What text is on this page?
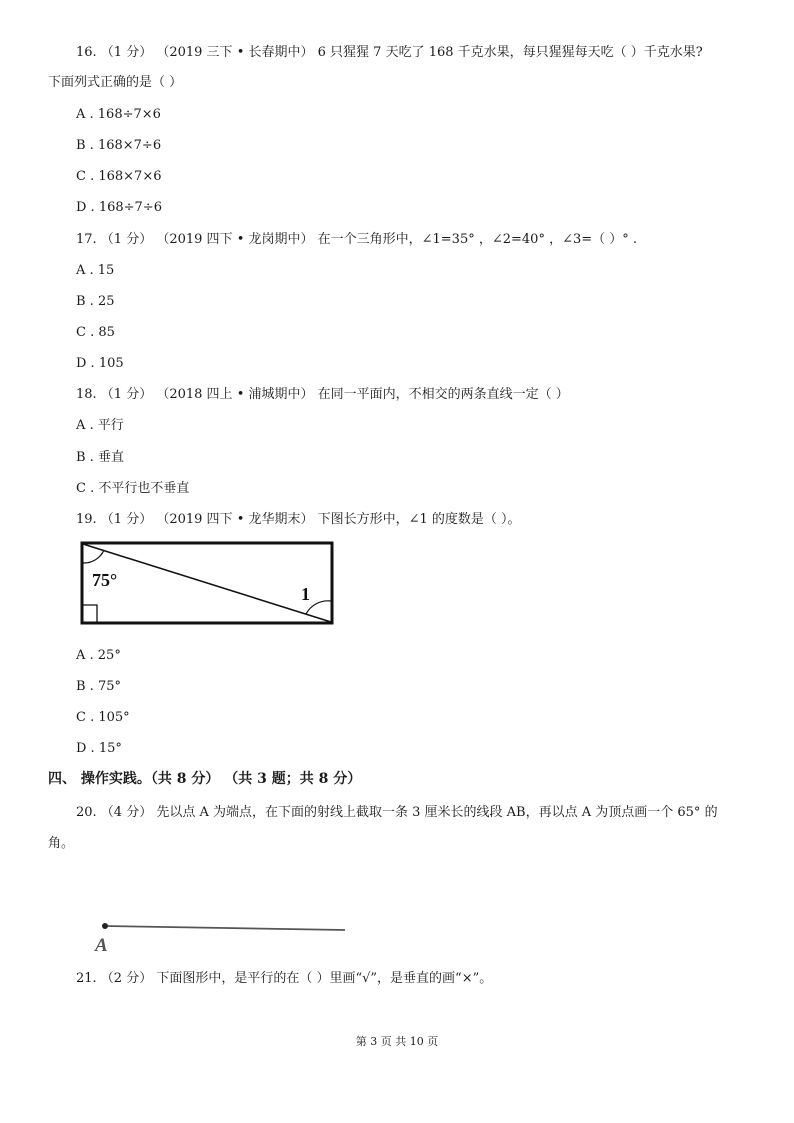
16. （1 分） （2019 三下 • 长春期中） 6 只猩猩 7 天吃了 168 千克水果，每只猩猩每天吃（ ）千克水果?
下面列式正确的是（ ）
A . 168÷7×6
B . 168×7÷6
C . 168×7×6
D . 168÷7÷6
17. （1 分） （2019 四下 • 龙岗期中） 在一个三角形中，∠1=35° ，∠2=40° ，∠3=（ ）° .
A . 15
B . 25
C . 85
D . 105
18. （1 分） （2018 四上 • 浦城期中） 在同一平面内，不相交的两条直线一定（ ）
A . 平行
B . 垂直
C . 不平行也不垂直
19. （1 分） （2019 四下 • 龙华期末） 下图长方形中，∠1 的度数是（ ）。
75°
1
A . 25°
B . 75°
C . 105°
D . 15°
四、 操作实践。（共 8 分） （共 3 题；共 8 分）
20. （4 分） 先以点 A 为端点，在下面的射线上截取一条 3 厘米长的线段 AB，再以点 A 为顶点画一个 65° 的
角。
A
21. （2 分） 下面图形中，是平行的在（ ）里画“√”，是垂直的画“×”。
第 3 页 共 10 页
